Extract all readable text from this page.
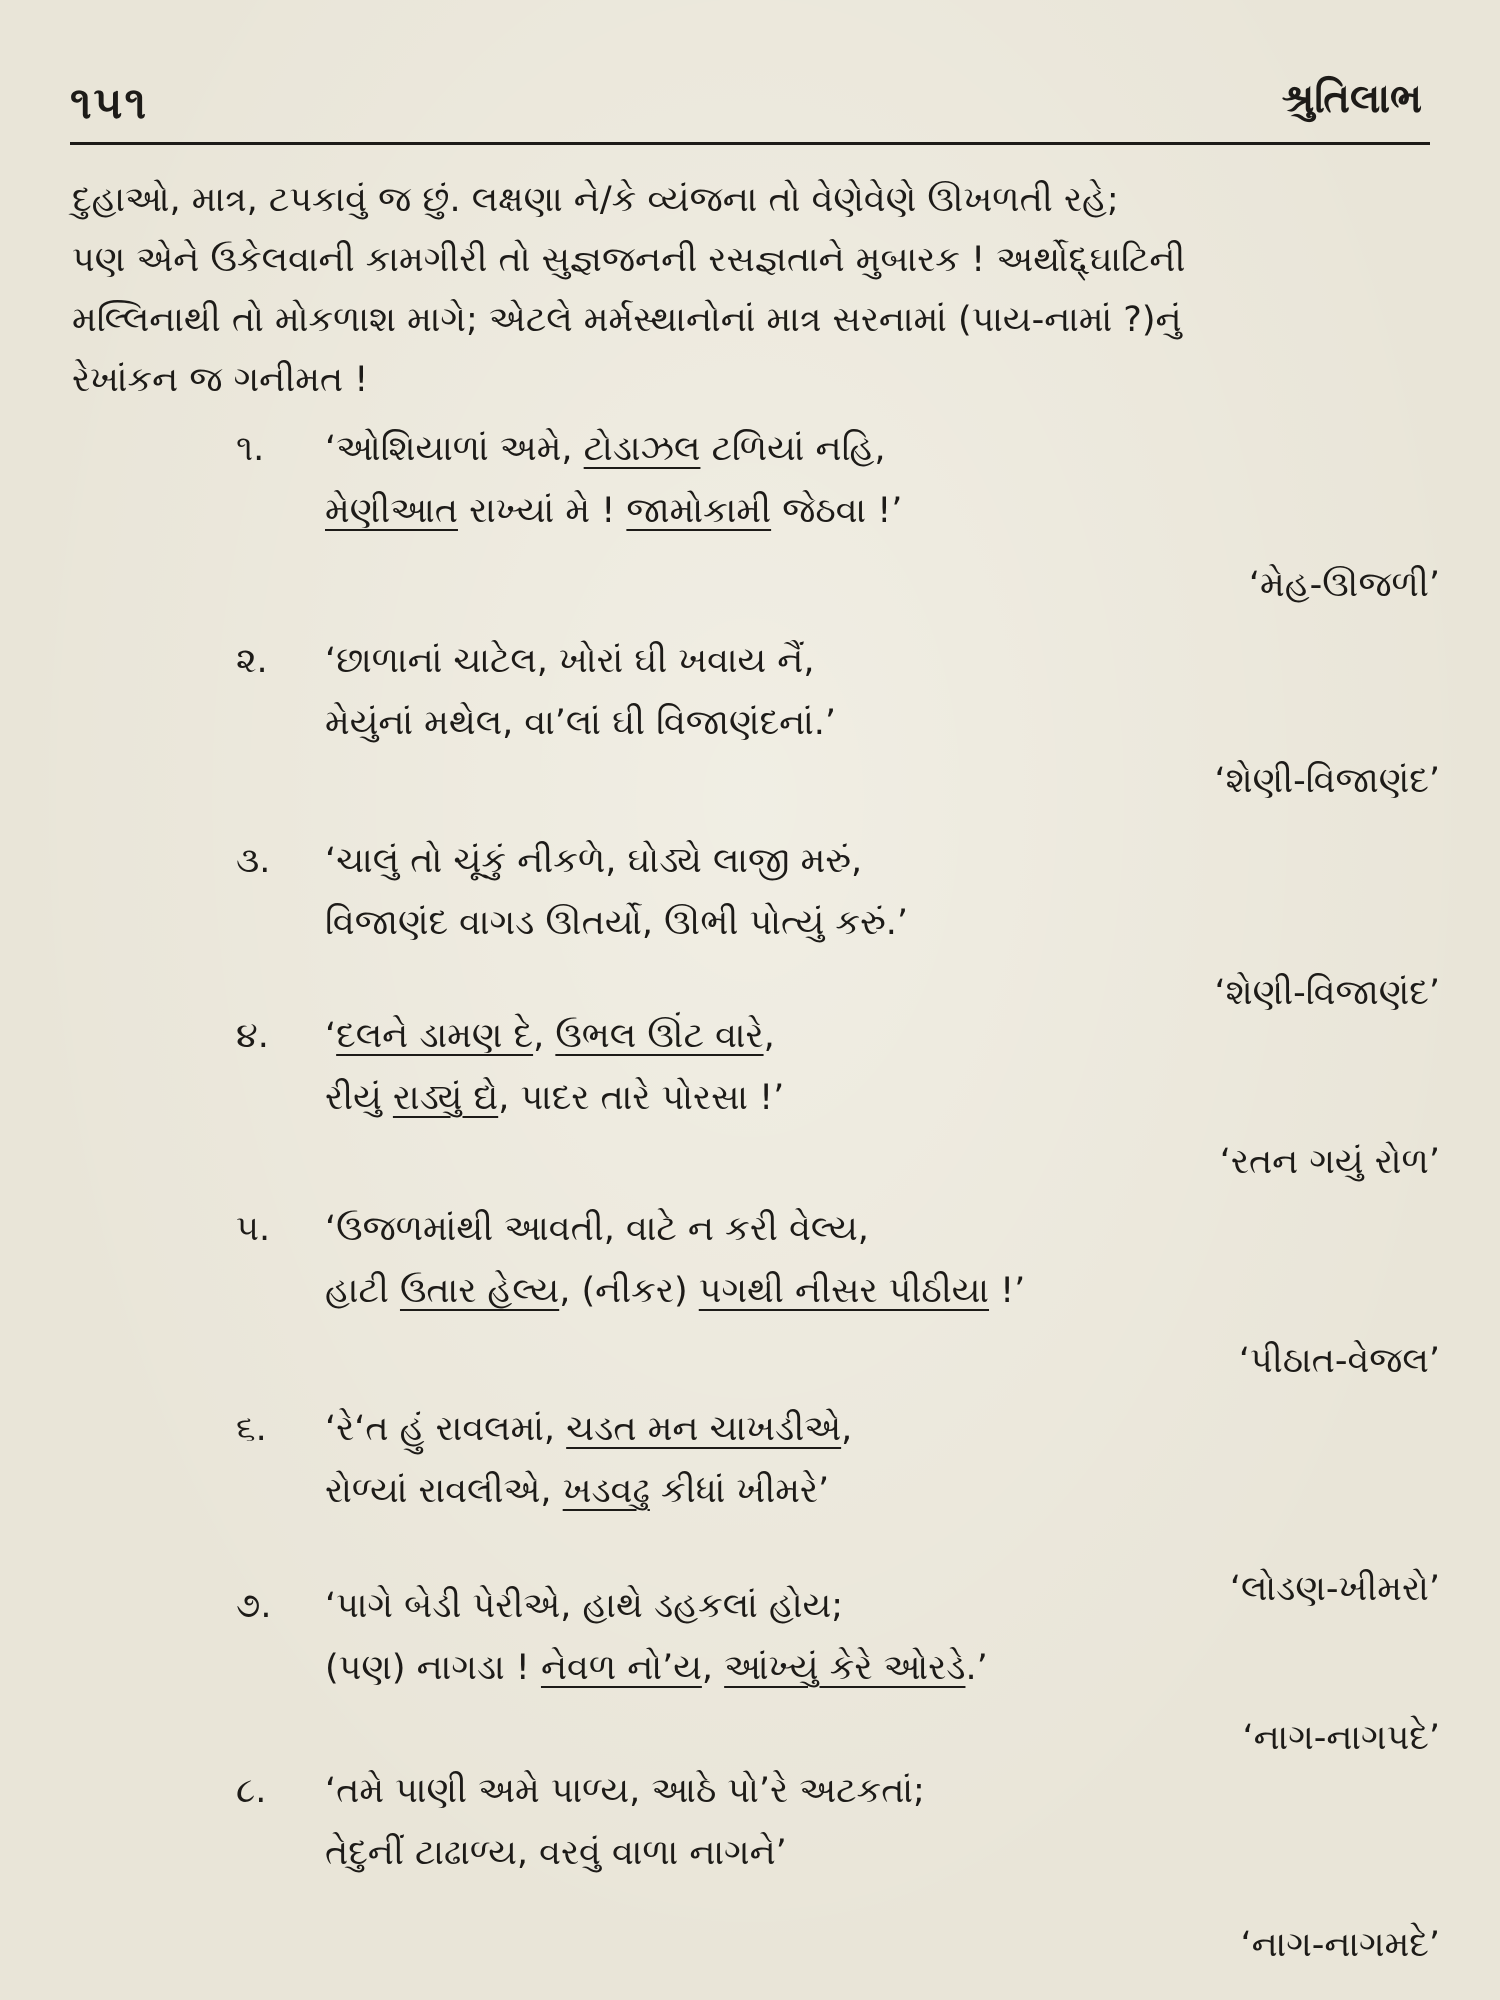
૧૫૧	શ્રુતિલાભ
દુહાઓ, માત્ર, ટપકાવું જ છું. લક્ષણા ને/કે વ્યંજના તો વેણેવેણે ઊખળતી રહે;
પણ એને ઉકેલવાની કામગીરી તો સુજ્ઞજનની રસજ્ઞતાને મુબારક ! અર્થોદ્દ્ઘાટિની
મલ્લિનાથી તો મોકળાશ માગે; એટલે મર્મસ્થાનોનાં માત્ર સરનામાં (પાય-નામાં ?)નું
રેખાંકન જ ગનીમત !
૧.	‘ઓશિયાળાં અમે, ટોડાઝલ ટળિયાં નહિ,
મેણીઆત રાખ્યાં મે ! જામોકામી જેઠવા !’
‘મેહ-ઊજળી’
૨.	‘છાળાનાં ચાટેલ, ખોરાં ઘી ખવાય નૈં,
મેયુંનાં મથેલ, વા’લાં ઘી વિજાણંદનાં.’
‘શેણી-વિજાણંદ’
૩.	‘ચાલું તો ચૂંકું નીકળે, ઘોડ્યે લાજી મરું,
વિજાણંદ વાગડ ઊતર્યો, ઊભી પોત્યું કરું.’
‘શેણી-વિજાણંદ’
૪.	‘દલને ડામણ દે, ઉભલ ઊંટ વારે,
રીયું રાડ્યું દ્યે, પાદર તારે પોરસા !’
‘રતન ગયું રોળ’
૫.	‘ઉજળમાંથી આવતી, વાટે ન કરી વેલ્ય,
હાટી ઉતાર હેલ્ય, (નીકર) પગથી નીસર પીઠીયા !’
‘પીઠાત-વેજલ’
૬.	‘રે‘ત હું રાવલમાં, ચડત મન ચાખડીએ,
રોળ્યાં રાવલીએ, ખડવઢુ કીધાં ખીમરે’
‘લોડણ-ખીમરો’
૭.	‘પાગે બેડી પેરીએ, હાથે ડહકલાં હોય;
(પણ) નાગડા ! નેવળ નો’ય, આંખ્યું કેરે ઓરડે.’
‘નાગ-નાગપદે’
૮.	‘તમે પાણી અમે પાળ્ય, આઠે પો’રે અટકતાં;
તેદુનીં ટાઢાળ્ય, વરવું વાળા નાગને’
‘નાગ-નાગમદે’
